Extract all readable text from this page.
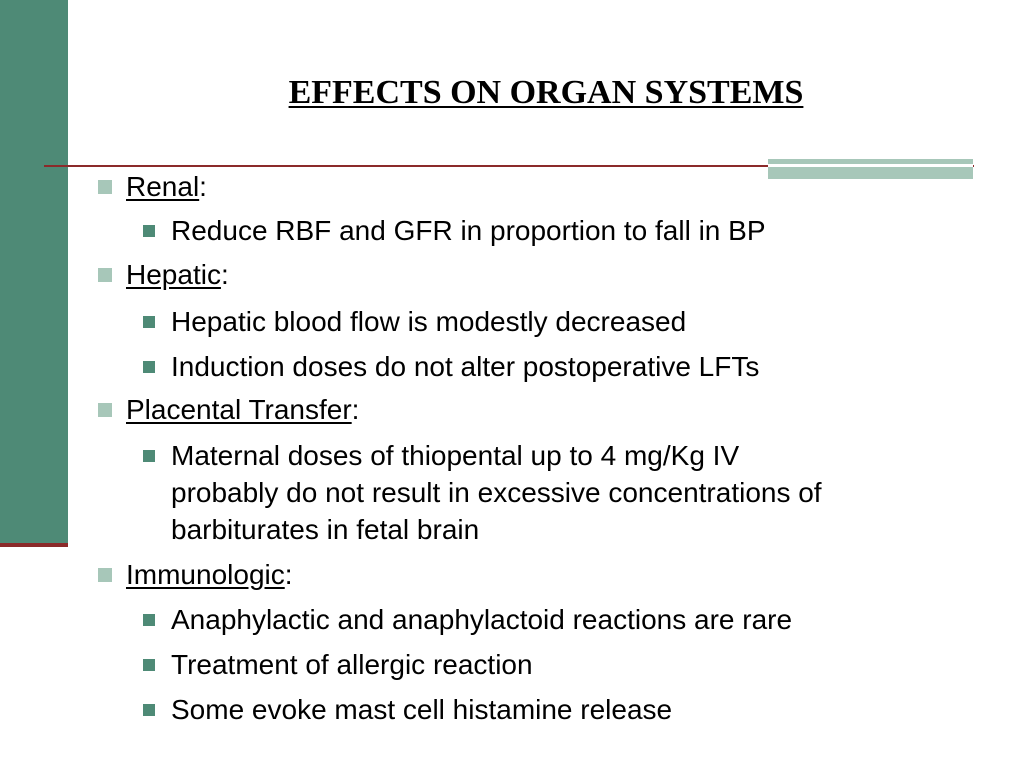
EFFECTS ON ORGAN SYSTEMS
Renal:
Reduce RBF and GFR in proportion to fall in BP
Hepatic:
Hepatic blood flow is modestly decreased
Induction doses do not alter postoperative LFTs
Placental Transfer:
Maternal doses of thiopental up to 4 mg/Kg IV
probably do not result in excessive concentrations of
barbiturates in fetal brain
Immunologic:
Anaphylactic and anaphylactoid reactions are rare
Treatment of allergic reaction
Some evoke mast cell histamine release
